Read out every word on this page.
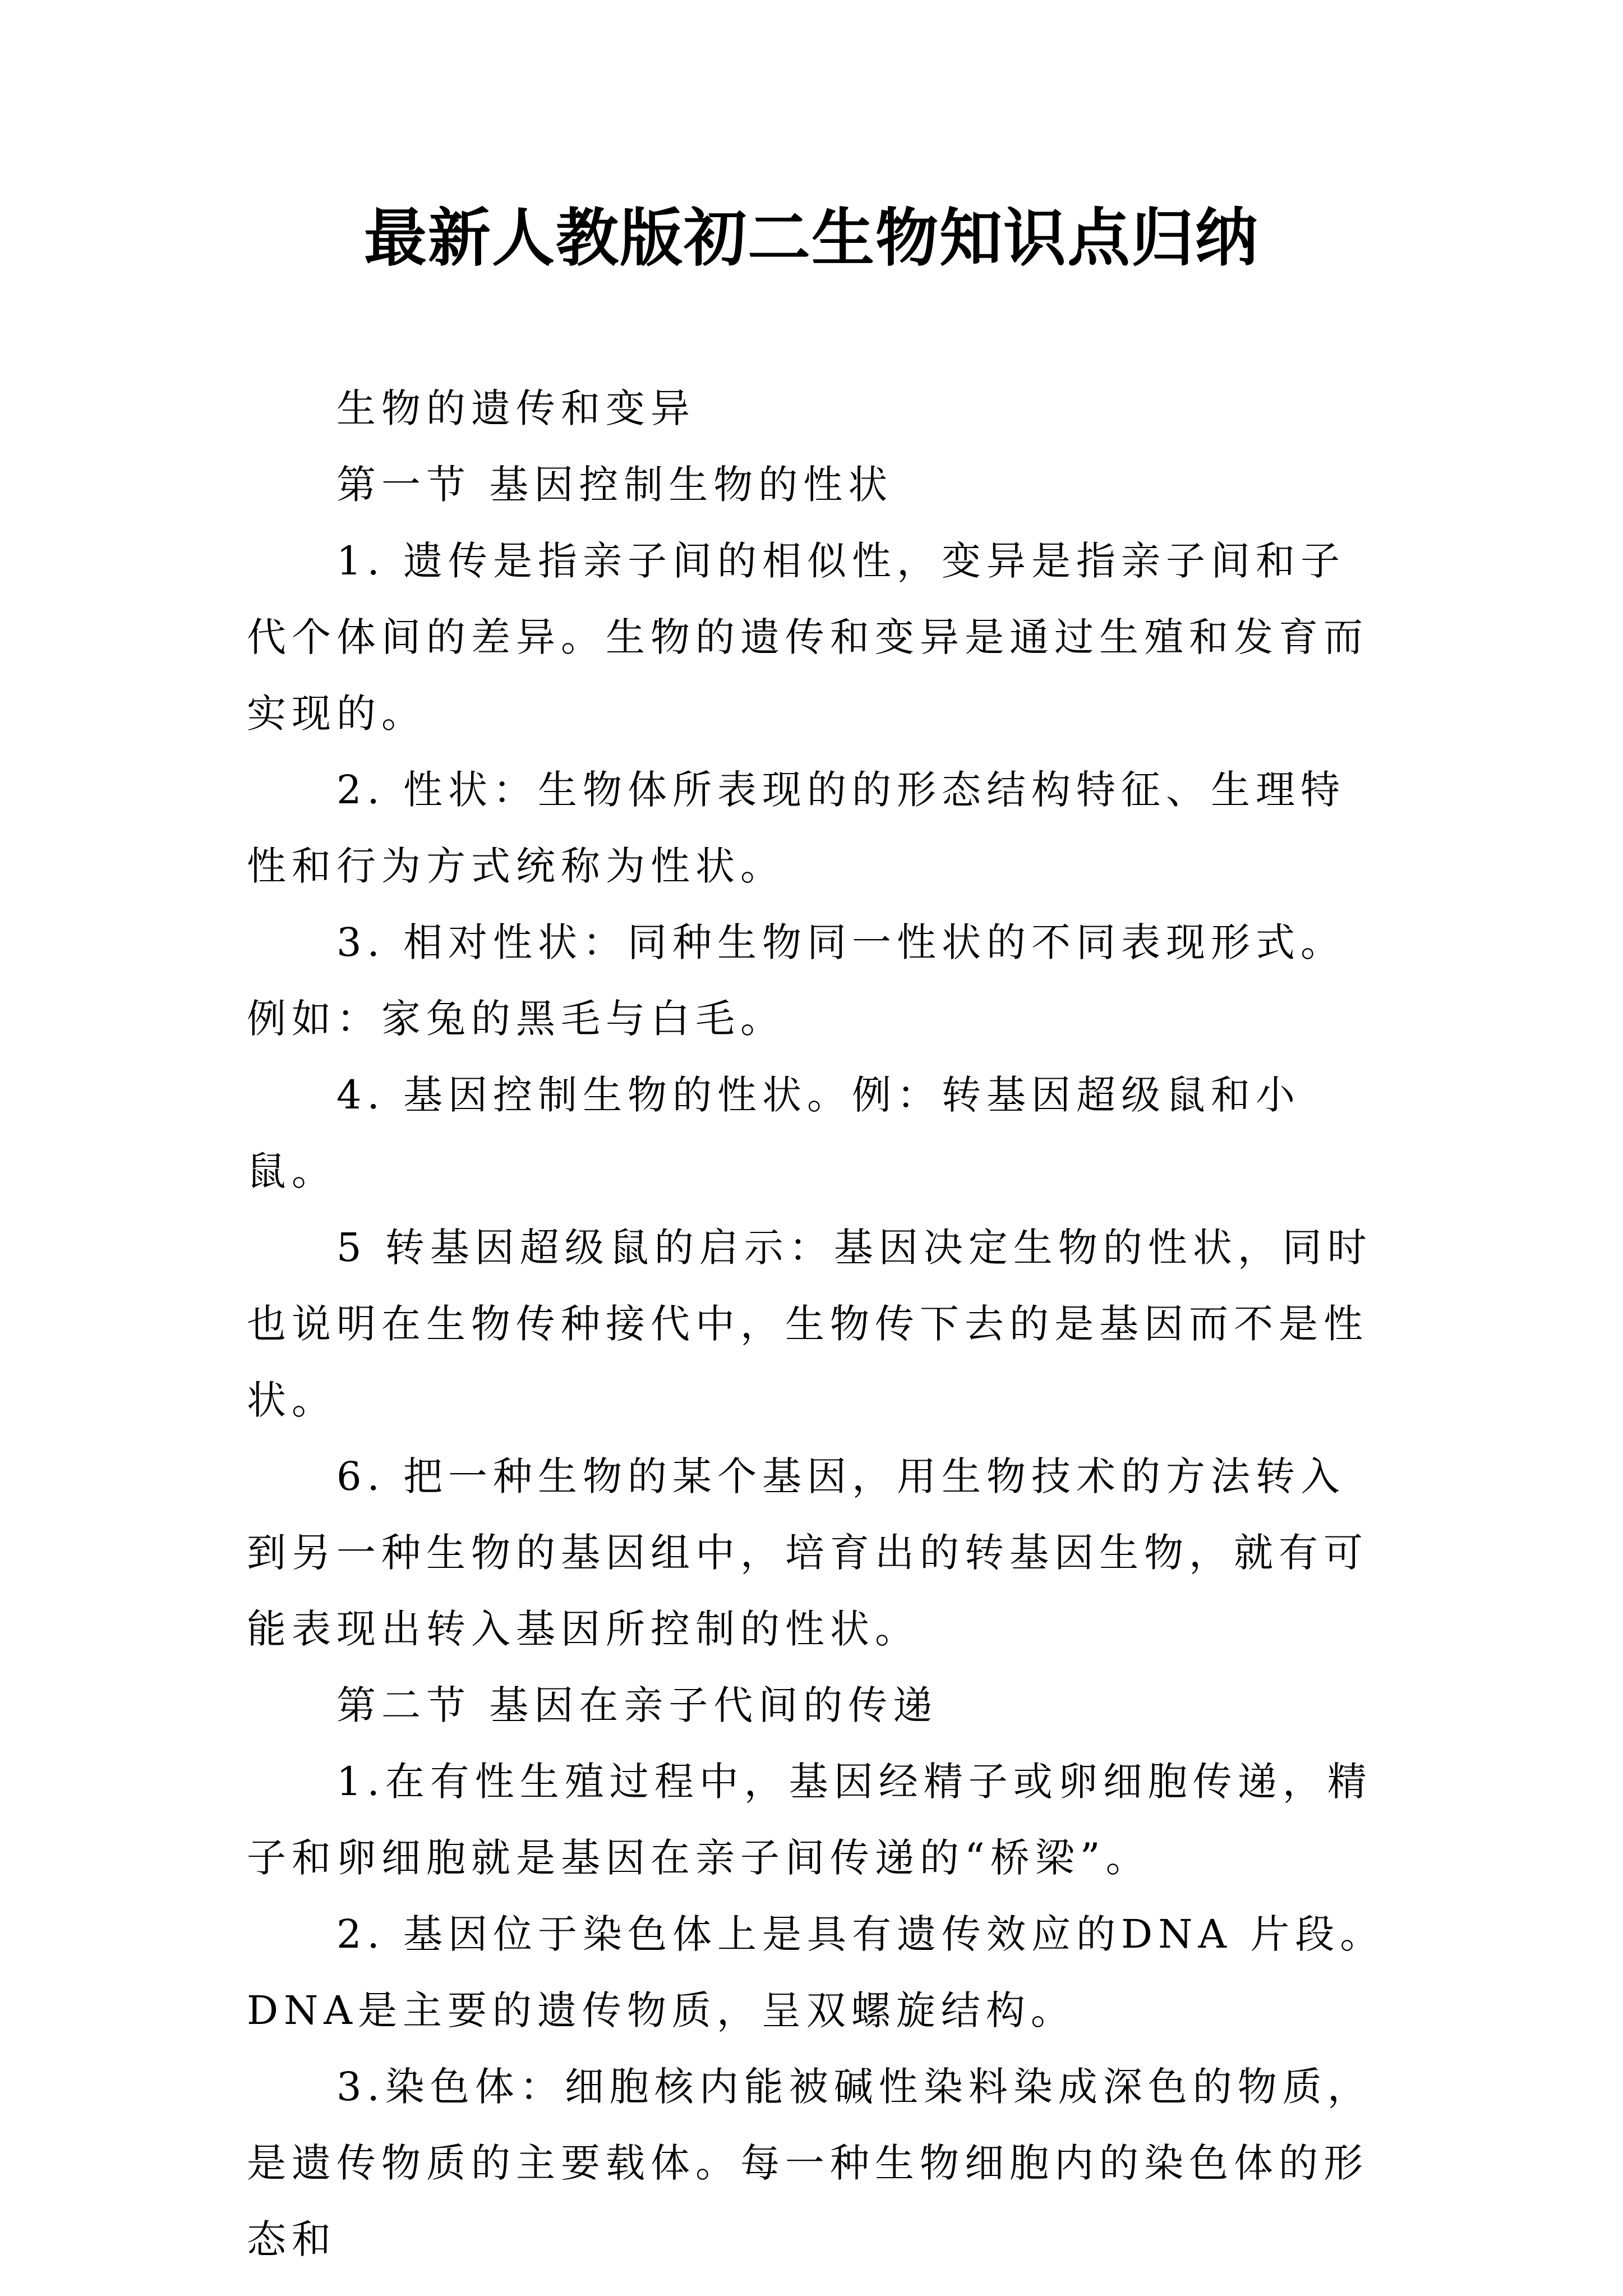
最新人教版初二生物知识点归纳

生物的遗传和变异

第一节 基因控制生物的性状

1. 遗传是指亲子间的相似性，变异是指亲子间和子代个体间的差异。生物的遗传和变异是通过生殖和发育而实现的。

2. 性状：生物体所表现的的形态结构特征、生理特性和行为方式统称为性状。

3. 相对性状：同种生物同一性状的不同表现形式。例如：家兔的黑毛与白毛。

4. 基因控制生物的性状。例：转基因超级鼠和小鼠。

5 转基因超级鼠的启示：基因决定生物的性状，同时也说明在生物传种接代中，生物传下去的是基因而不是性状。

6. 把一种生物的某个基因，用生物技术的方法转入到另一种生物的基因组中，培育出的转基因生物，就有可能表现出转入基因所控制的性状。

第二节 基因在亲子代间的传递

1.在有性生殖过程中，基因经精子或卵细胞传递，精子和卵细胞就是基因在亲子间传递的“桥梁”。

2. 基因位于染色体上是具有遗传效应的DNA 片段。DNA是主要的遗传物质，呈双螺旋结构。

3.染色体：细胞核内能被碱性染料染成深色的物质，是遗传物质的主要载体。每一种生物细胞内的染色体的形态和
